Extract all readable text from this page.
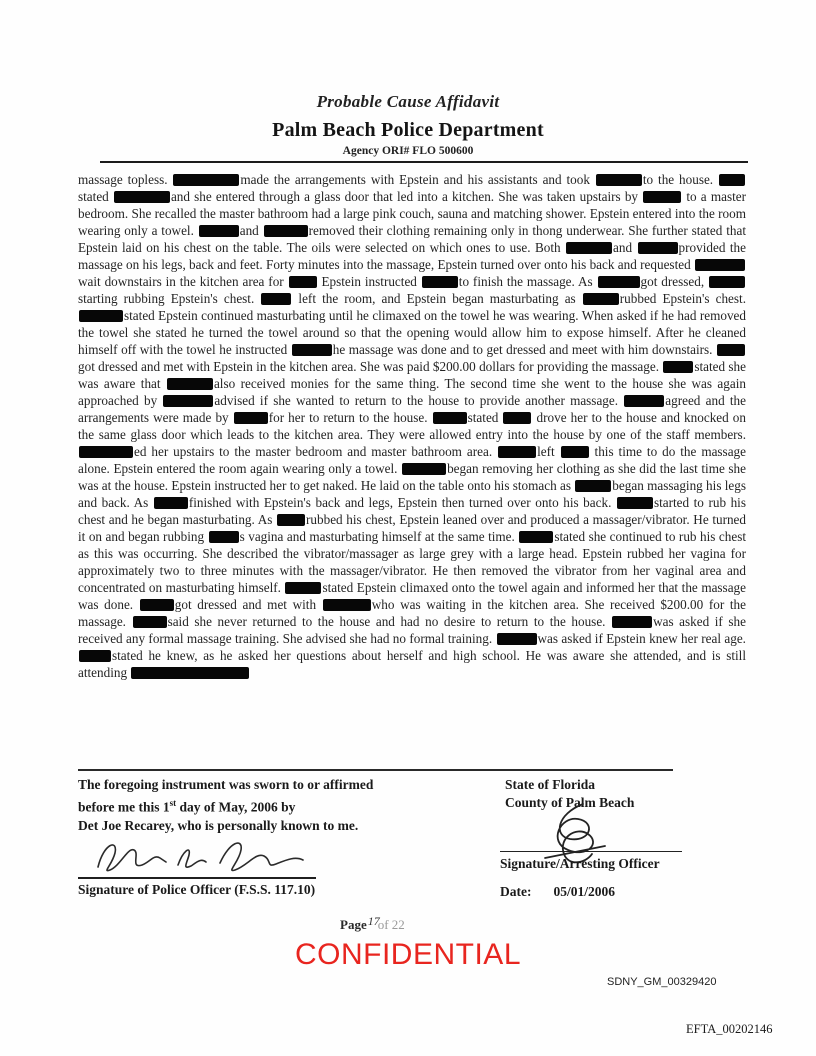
Probable Cause Affidavit
Palm Beach Police Department
Agency ORI# FLO 500600
massage topless.	made the arrangements with Epstein and his assistants and took	to the house.  stated	and she entered through a glass door that led into a kitchen. She was taken upstairs by	to a master bedroom. She recalled the master bathroom had a large pink couch, sauna and matching shower. Epstein entered into the room wearing only a towel.	and	removed their clothing remaining only in thong underwear. She further stated that Epstein laid on his chest on the table. The oils were selected on which ones to use. Both	and	provided the massage on his legs, back and feet. Forty minutes into the massage, Epstein turned over onto his back and requested wait downstairs in the kitchen area for  Epstein instructed	to finish the massage. As	got dressed, starting rubbing Epstein's chest.  left the room, and Epstein began masturbating as	rubbed Epstein's chest. stated Epstein continued masturbating until he climaxed on the towel he was wearing. When asked if he had removed the towel she stated he turned the towel around so that the opening would allow him to expose himself. After he cleaned himself off with the towel he instructed	he massage was done and to get dressed and meet with him downstairs.  got dressed and met with Epstein in the kitchen area. She was paid $200.00 dollars for providing the massage. stated she was aware that	also received monies for the same thing. The second time she went to the house she was again approached by	advised if she wanted to return to the house to provide another massage.	agreed and the arrangements were made by	for her to return to the house.	stated  drove her to the house and knocked on the same glass door which leads to the kitchen area. They were allowed entry into the house by one of the staff members. ed her upstairs to the master bedroom and master bathroom area.	left  this time to do the massage alone. Epstein entered the room again wearing only a towel.	began removing her clothing as she did the last time she was at the house. Epstein instructed her to get naked. He laid on the table onto his stomach as	began massaging his legs and back. As	finished with Epstein's back and legs, Epstein then turned over onto his back.	started to rub his chest and he began masturbating. As rubbed his chest, Epstein leaned over and produced a massager/vibrator. He turned it on and began rubbing s vagina and masturbating himself at the same time.	stated she continued to rub his chest as this was occurring. She described the vibrator/massager as large grey with a large head. Epstein rubbed her vagina for approximately two to three minutes with the massager/vibrator. He then removed the vibrator from her vaginal area and concentrated on masturbating himself.	stated Epstein climaxed onto the towel again and informed her that the massage was done.	got dressed and met with	who was waiting in the kitchen area. She received $200.00 for the massage.	said she never returned to the house and had no desire to return to the house.	was asked if she received any formal massage training. She advised she had no formal training.	was asked if Epstein knew her real age. stated he knew, as he asked her questions about herself and high school. He was aware she attended, and is still attending
The foregoing instrument was sworn to or affirmed
before me this 1st day of May, 2006 by
Det Joe Recarey, who is personally known to me.
Signature of Police Officer (F.S.S. 117.10)
State of Florida
County of Palm Beach
Signature/Arresting Officer
Date: 05/01/2006
Page17of 22
CONFIDENTIAL
SDNY_GM_00329420
EFTA_00202146
